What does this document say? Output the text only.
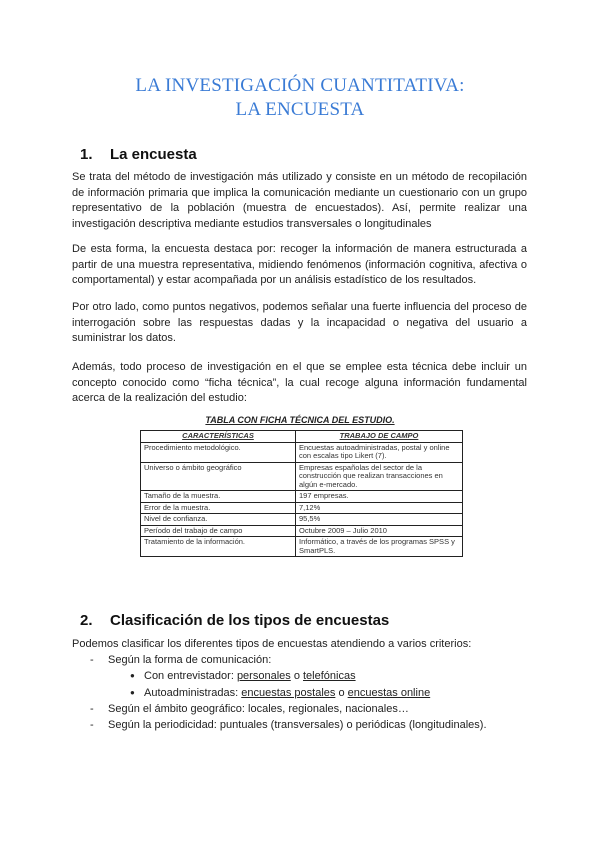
LA INVESTIGACIÓN CUANTITATIVA:
LA ENCUESTA
1. La encuesta
Se trata del método de investigación más utilizado y consiste en un método de recopilación de información primaria que implica la comunicación mediante un cuestionario con un grupo representativo de la población (muestra de encuestados). Así, permite realizar una investigación descriptiva mediante estudios transversales o longitudinales
De esta forma, la encuesta destaca por: recoger la información de manera estructurada a partir de una muestra representativa, midiendo fenómenos (información cognitiva, afectiva o comportamental) y estar acompañada por un análisis estadístico de los resultados.
Por otro lado, como puntos negativos, podemos señalar una fuerte influencia del proceso de interrogación sobre las respuestas dadas y la incapacidad o negativa del usuario a suministrar los datos.
Además, todo proceso de investigación en el que se emplee esta técnica debe incluir un concepto conocido como “ficha técnica”, la cual recoge alguna información fundamental acerca de la realización del estudio:
TABLA CON FICHA TÉCNICA DEL ESTUDIO.
CARACTERÍSTICAS	TRABAJO DE CAMPO
Procedimiento metodológico.	Encuestas autoadministradas, postal y online con escalas tipo Likert (7).
Universo o ámbito geográfico	Empresas españolas del sector de la construcción que realizan transacciones en algún e-mercado.
Tamaño de la muestra.	197 empresas.
Error de la muestra.	7,12%
Nivel de confianza.	95,5%
Período del trabajo de campo	Octubre 2009 – Julio 2010
Tratamiento de la información.	Informático, a través de los programas SPSS y SmartPLS.
2. Clasificación de los tipos de encuestas
Podemos clasificar los diferentes tipos de encuestas atendiendo a varios criterios:
- Según la forma de comunicación:
● Con entrevistador: personales o telefónicas
● Autoadministradas: encuestas postales o encuestas online
- Según el ámbito geográfico: locales, regionales, nacionales…
- Según la periodicidad: puntuales (transversales) o periódicas (longitudinales).
